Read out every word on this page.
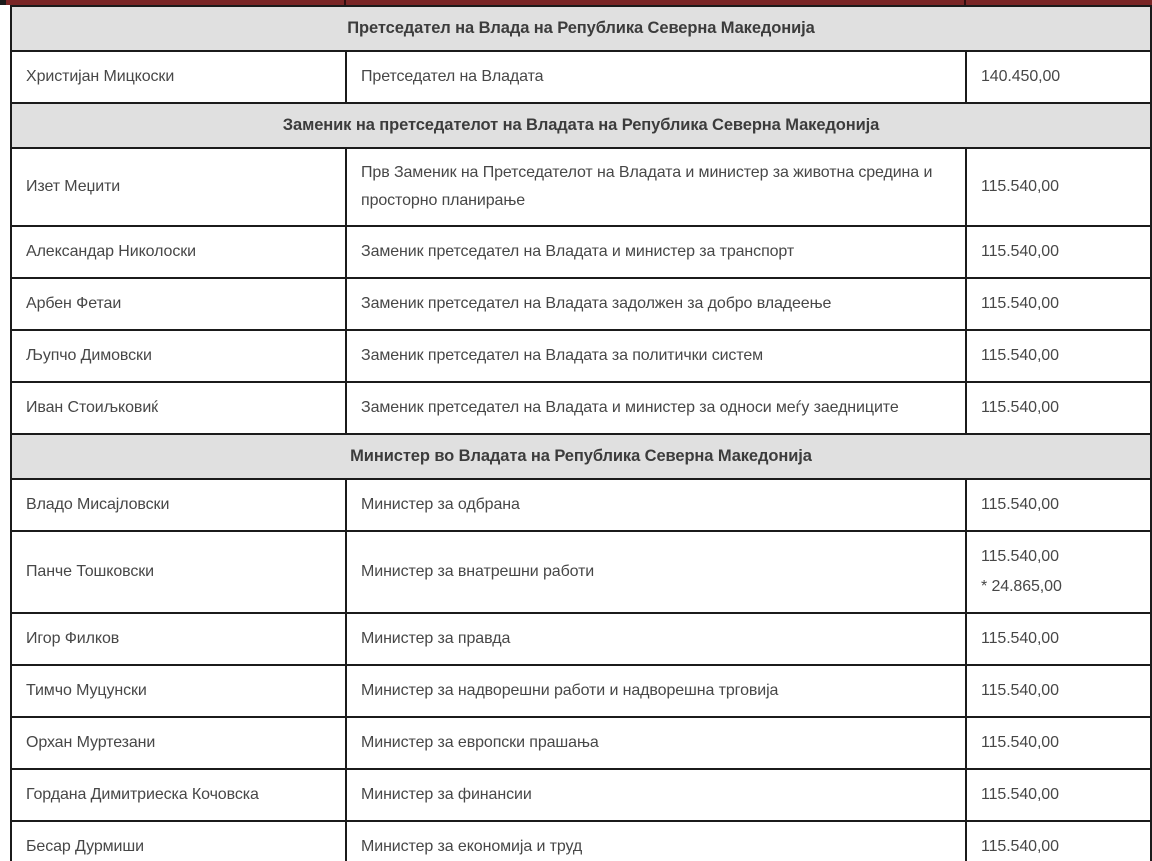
Претседател на Влада на Република Северна Македонија		
Христијан Мицкоски	Претседател на Владата	140.450,00

Заменик на претседателот на Владата на Република Северна Македонија		
Изет Меџити	Прв Заменик на Претседателот на Владата и министер за животна средина и просторно планирање	115.540,00

Александар Николоски	Заменик претседател на Владата и министер за транспорт	115.540,00

Арбен Фетаи	Заменик претседател на Владата задолжен за добро владеење	115.540,00

Љупчо Димовски	Заменик претседател на Владата за политички систем	115.540,00

Иван Стоиљковиќ	Заменик претседател на Владата и министер за односи меѓу заедниците	115.540,00

Министер во Владата на Република Северна Македонија		
Владо Мисајловски	Министер за одбрана	115.540,00

Панче Тошковски	Министер за внатрешни работи	115.540,00
* 24.865,00

Игор Филков	Министер за правда	115.540,00

Тимчо Муцунски	Министер за надворешни работи и надворешна трговија	115.540,00

Орхан Муртезани	Министер за европски прашања	115.540,00

Гордана Димитриеска Кочовска	Министер за финансии	115.540,00

Бесар Дурмиши	Министер за економија и труд	115.540,00
